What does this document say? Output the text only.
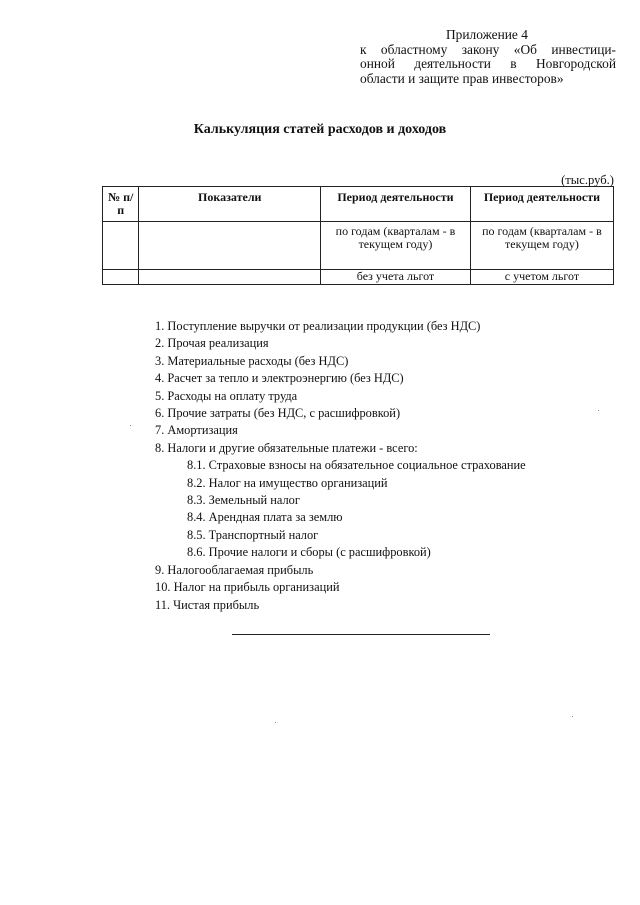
Приложение 4
к областному закону «Об инвестици-
онной деятельности в Новгородской
области и защите прав инвесторов»
Калькуляция статей расходов и доходов
(тыс.руб.)
№ п/п	Показатели	Период деятельности	Период деятельности
		по годам (кварталам - в текущем году)	по годам (кварталам - в текущем году)
		без учета льгот	с учетом льгот
1. Поступление выручки от реализации продукции (без НДС)
2. Прочая реализация
3. Материальные расходы (без НДС)
4. Расчет за тепло и электроэнергию (без НДС)
5. Расходы на оплату труда
6. Прочие затраты (без НДС, с расшифровкой)
7. Амортизация
8. Налоги и другие обязательные платежи - всего:
8.1. Страховые взносы на обязательное социальное страхование
8.2. Налог на имущество организаций
8.3. Земельный налог
8.4. Арендная плата за землю
8.5. Транспортный налог
8.6. Прочие налоги и сборы (с расшифровкой)
9. Налогооблагаемая прибыль
10. Налог на прибыль организаций
11. Чистая прибыль
